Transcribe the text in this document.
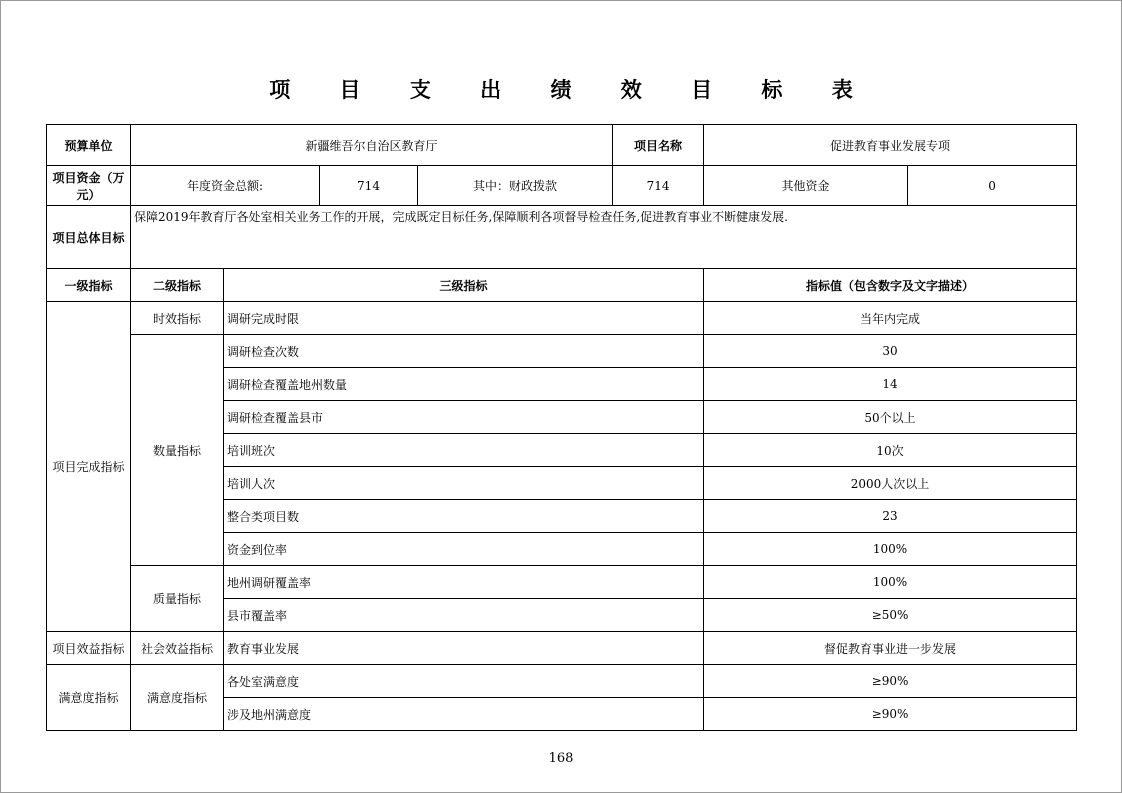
项 目 支 出 绩 效 目 标 表
预算单位	新疆维吾尔自治区教育厅				项目名称	促进教育事业发展专项	
项目资金（万元）	年度资金总额:		714	其中：财政拨款	714	其他资金	0
项目总体目标	保障2019年教育厅各处室相关业务工作的开展，完成既定目标任务,保障顺利各项督导检查任务,促进教育事业不断健康发展.						
一级指标	二级指标	三级指标				指标值（包含数字及文字描述）	
项目完成指标	时效指标	调研完成时限				当年内完成	
	数量指标	调研检查次数				30	
		调研检查覆盖地州数量				14	
		调研检查覆盖县市				50个以上	
		培训班次				10次	
		培训人次				2000人次以上	
		整合类项目数				23	
		资金到位率				100%	
	质量指标	地州调研覆盖率				100%	
		县市覆盖率				≥50%	
项目效益指标	社会效益指标	教育事业发展				督促教育事业进一步发展	
满意度指标	满意度指标	各处室满意度				≥90%	
		涉及地州满意度				≥90%	
168
